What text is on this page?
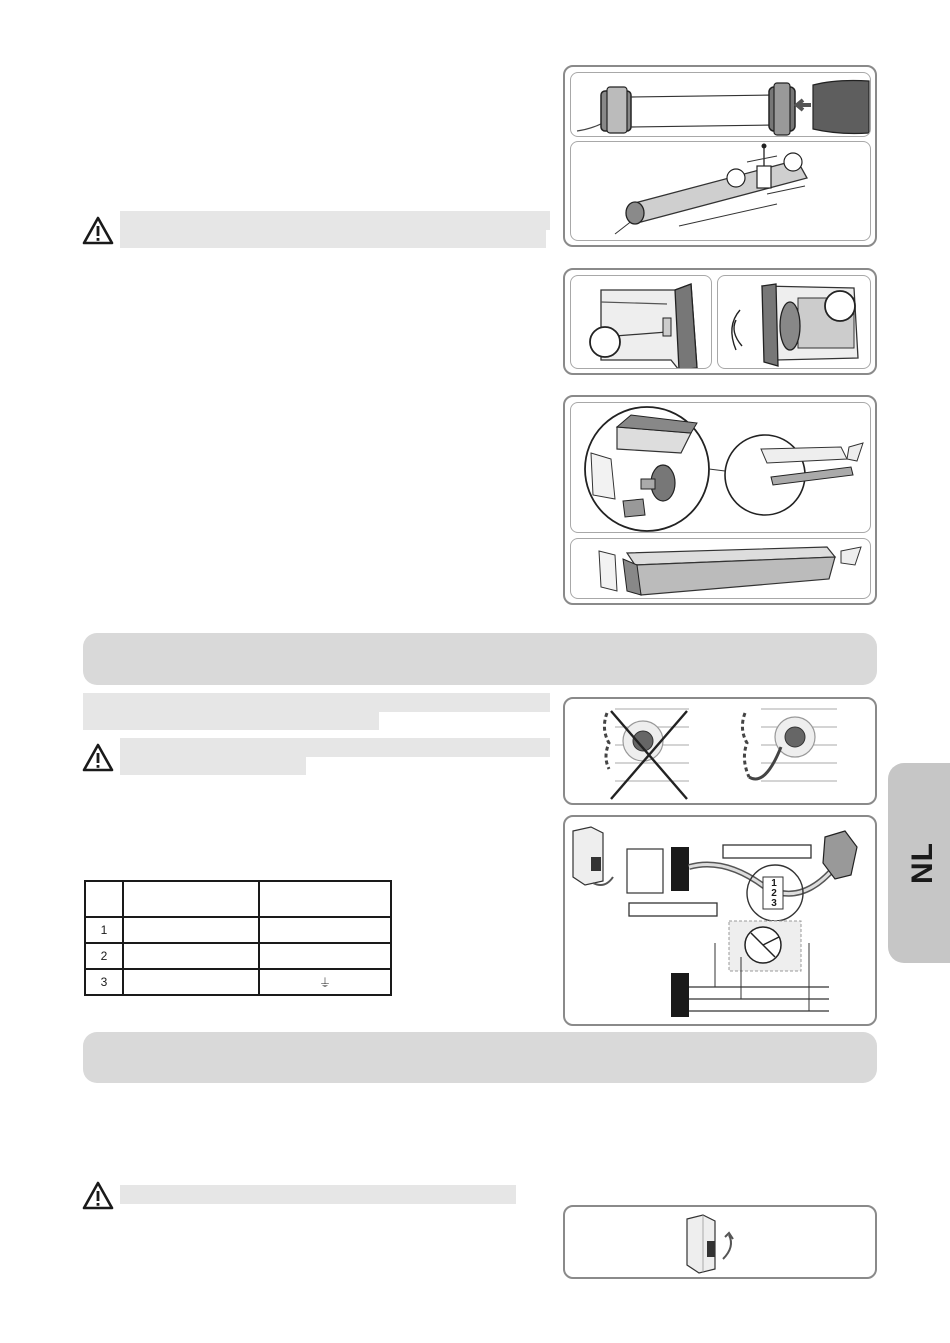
1		
2		
3		⏚
1
2
3
NL
